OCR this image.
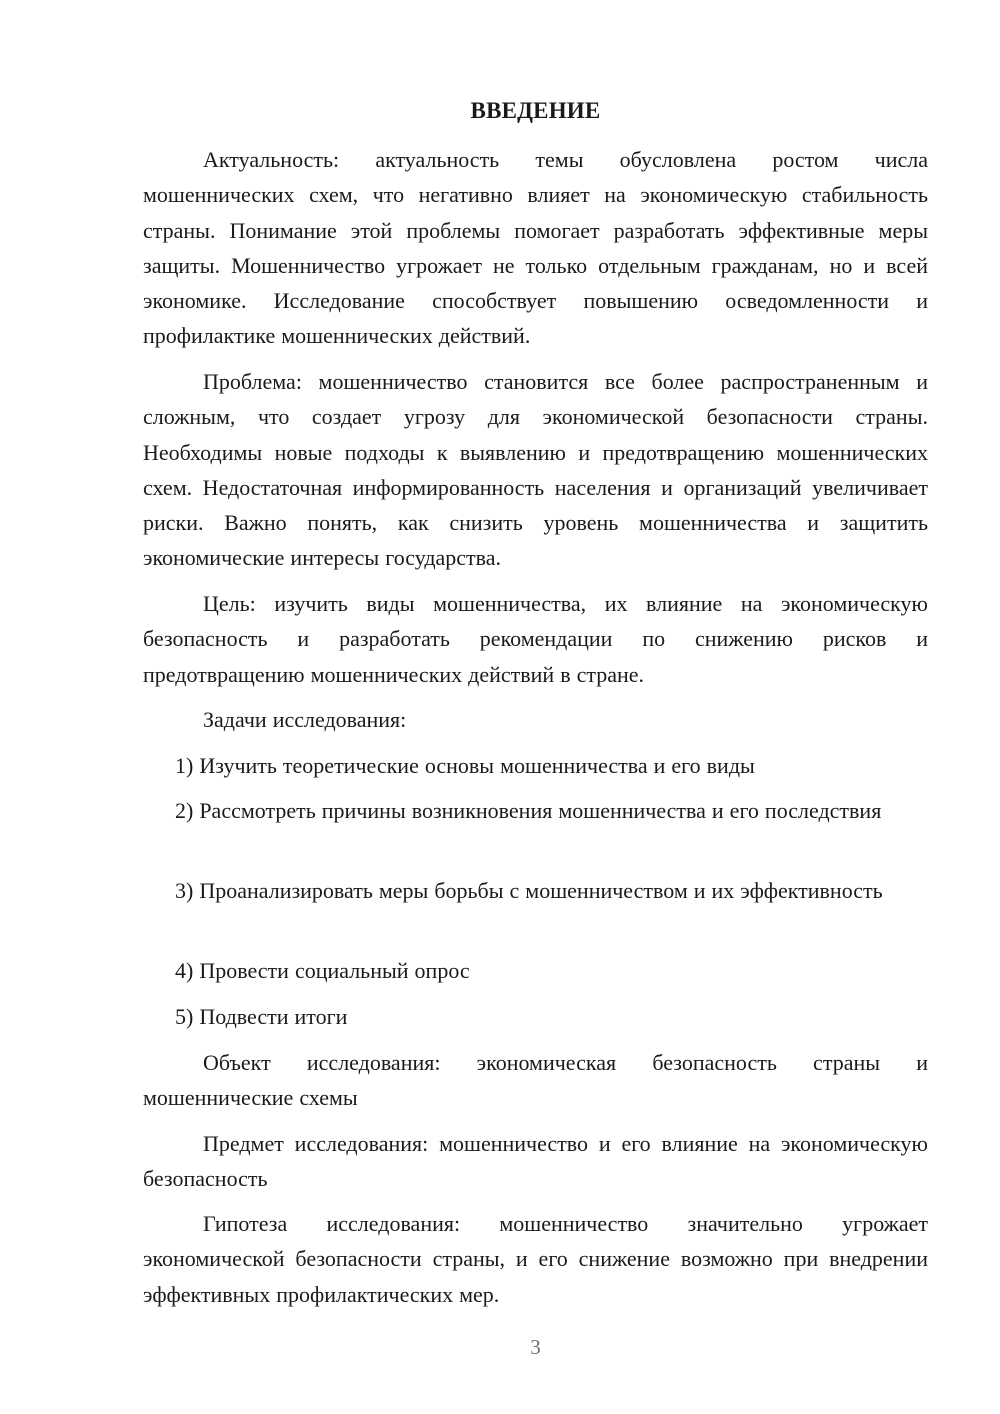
ВВЕДЕНИЕ

Актуальность: актуальность темы обусловлена ростом числа мошеннических схем, что негативно влияет на экономическую стабильность страны. Понимание этой проблемы помогает разработать эффективные меры защиты. Мошенничество угрожает не только отдельным гражданам, но и всей экономике. Исследование способствует повышению осведомленности и профилактике мошеннических действий.

Проблема: мошенничество становится все более распространенным и сложным, что создает угрозу для экономической безопасности страны. Необходимы новые подходы к выявлению и предотвращению мошеннических схем. Недостаточная информированность населения и организаций увеличивает риски. Важно понять, как снизить уровень мошенничества и защитить экономические интересы государства.

Цель: изучить виды мошенничества, их влияние на экономическую безопасность и разработать рекомендации по снижению рисков и предотвращению мошеннических действий в стране.

Задачи исследования:

1) Изучить теоретические основы мошенничества и его виды

2) Рассмотреть причины возникновения мошенничества и его последствия

3) Проанализировать меры борьбы с мошенничеством и их эффективность

4) Провести социальный опрос

5) Подвести итоги

Объект исследования: экономическая безопасность страны и мошеннические схемы

Предмет исследования: мошенничество и его влияние на экономическую безопасность

Гипотеза исследования: мошенничество значительно угрожает экономической безопасности страны, и его снижение возможно при внедрении эффективных профилактических мер.

3
